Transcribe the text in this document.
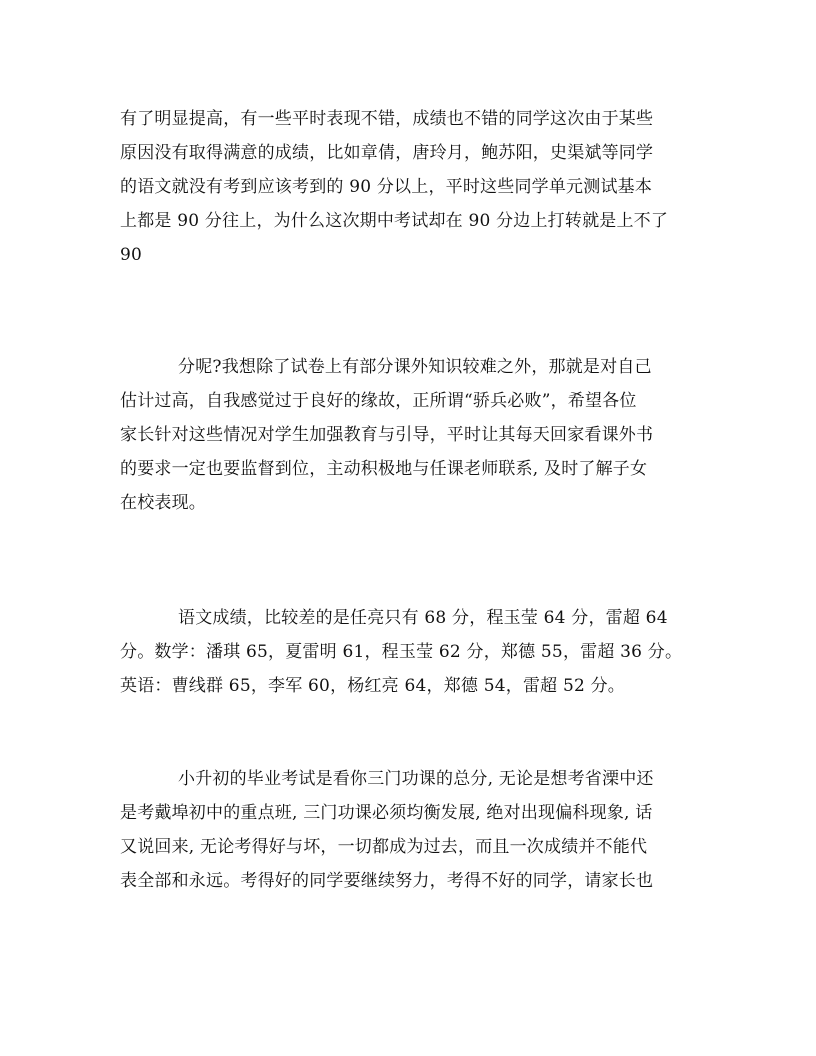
有了明显提高，有一些平时表现不错，成绩也不错的同学这次由于某些
原因没有取得满意的成绩，比如章倩，唐玲月，鲍苏阳，史渠斌等同学
的语文就没有考到应该考到的 90 分以上，平时这些同学单元测试基本
上都是 90 分往上，为什么这次期中考试却在 90 分边上打转就是上不了
90
分呢?我想除了试卷上有部分课外知识较难之外，那就是对自己
估计过高，自我感觉过于良好的缘故，正所谓“骄兵必败”，希望各位
家长针对这些情况对学生加强教育与引导，平时让其每天回家看课外书
的要求一定也要监督到位，主动积极地与任课老师联系, 及时了解子女
在校表现。
语文成绩，比较差的是任亮只有 68 分，程玉莹 64 分，雷超 64
分。数学：潘琪 65，夏雷明 61，程玉莹 62 分，郑德 55，雷超 36 分。
英语：曹线群 65，李军 60，杨红亮 64，郑德 54，雷超 52 分。
小升初的毕业考试是看你三门功课的总分, 无论是想考省溧中还
是考戴埠初中的重点班, 三门功课必须均衡发展, 绝对出现偏科现象, 话
又说回来, 无论考得好与坏，一切都成为过去，而且一次成绩并不能代
表全部和永远。考得好的同学要继续努力，考得不好的同学，请家长也
